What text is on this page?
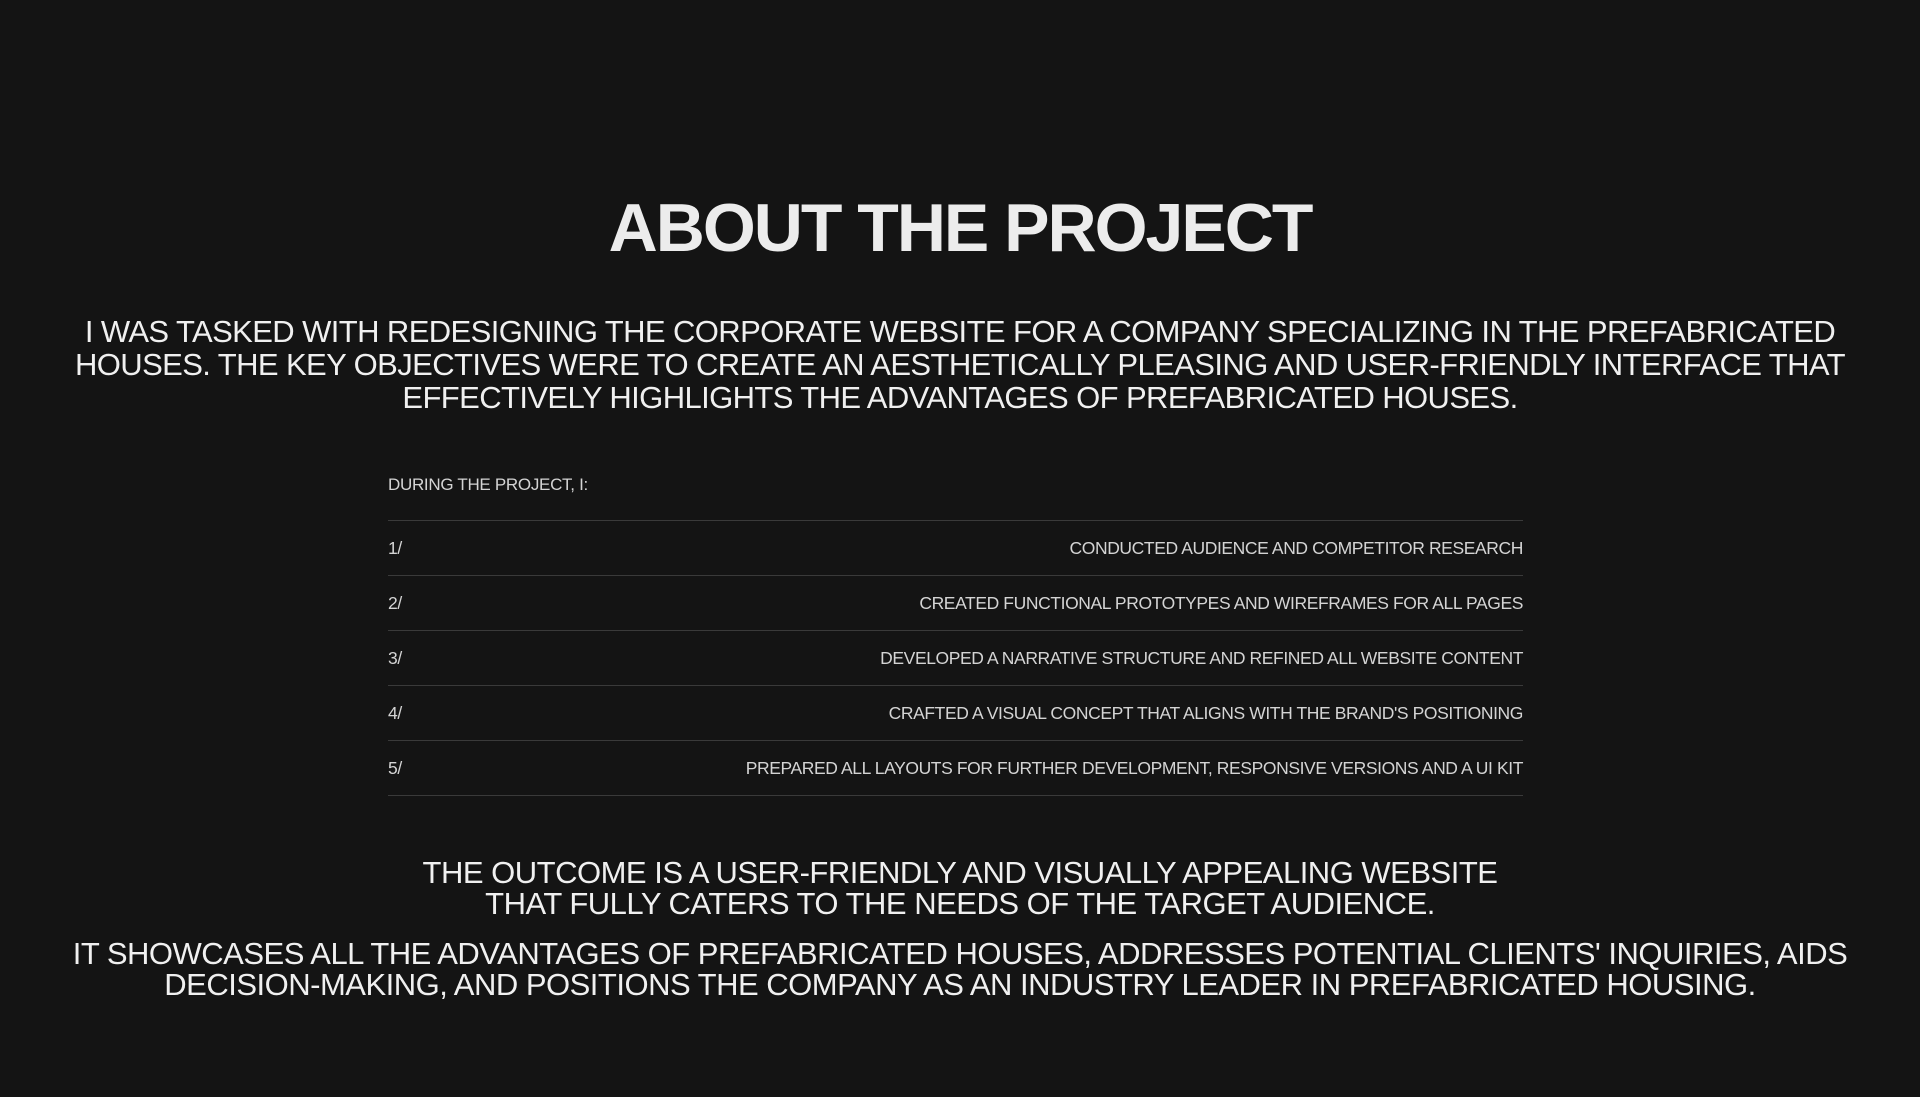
ABOUT THE PROJECT

I WAS TASKED WITH REDESIGNING THE CORPORATE WEBSITE FOR A COMPANY SPECIALIZING IN THE PREFABRICATED HOUSES. THE KEY OBJECTIVES WERE TO CREATE AN AESTHETICALLY PLEASING AND USER-FRIENDLY INTERFACE THAT EFFECTIVELY HIGHLIGHTS THE ADVANTAGES OF PREFABRICATED HOUSES.

DURING THE PROJECT, I:
1/	CONDUCTED AUDIENCE AND COMPETITOR RESEARCH
2/	CREATED FUNCTIONAL PROTOTYPES AND WIREFRAMES FOR ALL PAGES
3/	DEVELOPED A NARRATIVE STRUCTURE AND REFINED ALL WEBSITE CONTENT
4/	CRAFTED A VISUAL CONCEPT THAT ALIGNS WITH THE BRAND'S POSITIONING
5/	PREPARED ALL LAYOUTS FOR FURTHER DEVELOPMENT, RESPONSIVE VERSIONS AND A UI KIT

THE OUTCOME IS A USER-FRIENDLY AND VISUALLY APPEALING WEBSITE
THAT FULLY CATERS TO THE NEEDS OF THE TARGET AUDIENCE.

IT SHOWCASES ALL THE ADVANTAGES OF PREFABRICATED HOUSES, ADDRESSES POTENTIAL CLIENTS' INQUIRIES, AIDS DECISION-MAKING, AND POSITIONS THE COMPANY AS AN INDUSTRY LEADER IN PREFABRICATED HOUSING.
